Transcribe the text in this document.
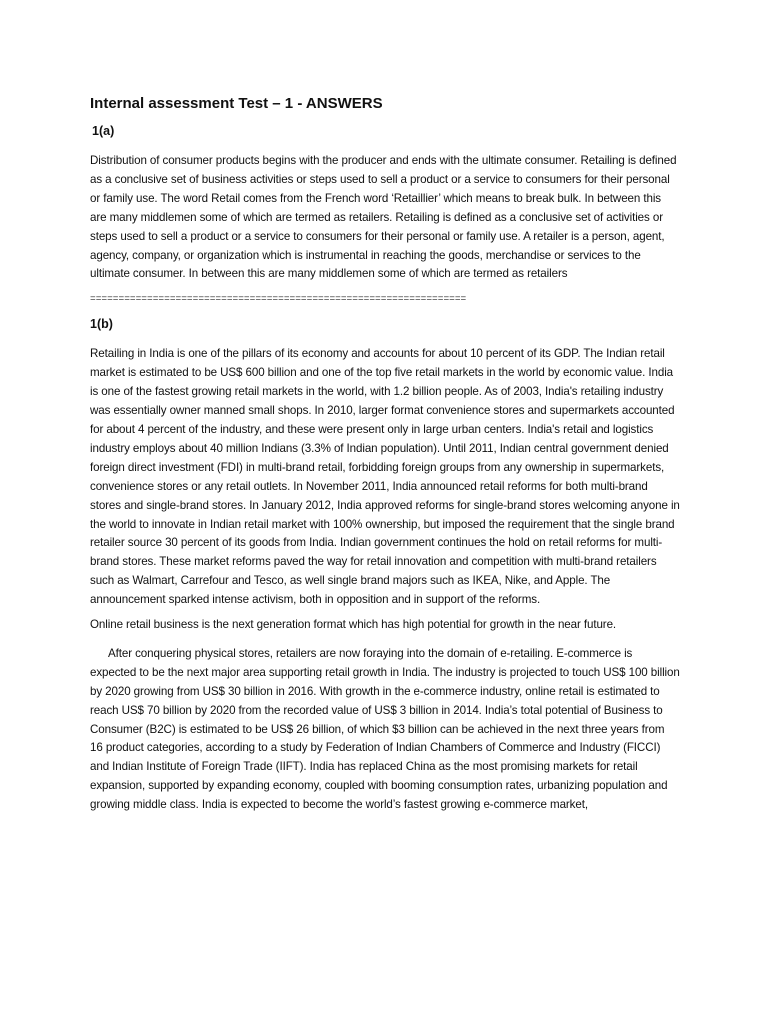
Internal assessment Test – 1 - ANSWERS
1(a)

Distribution of consumer products begins with the producer and ends with the ultimate consumer. Retailing is defined as a conclusive set of business activities or steps used to sell a product or a service to consumers for their personal or family use. The word Retail comes from the French word ‘Retaillier’ which means to break bulk. In between this are many middlemen some of which are termed as retailers. Retailing is defined as a conclusive set of activities or steps used to sell a product or a service to consumers for their personal or family use. A retailer is a person, agent, agency, company, or organization which is instrumental in reaching the goods, merchandise or services to the ultimate consumer. In between this are many middlemen some of which are termed as retailers

==================================================================
1(b)

Retailing in India is one of the pillars of its economy and accounts for about 10 percent of its GDP. The Indian retail market is estimated to be US$ 600 billion and one of the top five retail markets in the world by economic value. India is one of the fastest growing retail markets in the world, with 1.2 billion people. As of 2003, India's retailing industry was essentially owner manned small shops. In 2010, larger format convenience stores and supermarkets accounted for about 4 percent of the industry, and these were present only in large urban centers. India's retail and logistics industry employs about 40 million Indians (3.3% of Indian population). Until 2011, Indian central government denied foreign direct investment (FDI) in multi-brand retail, forbidding foreign groups from any ownership in supermarkets, convenience stores or any retail outlets. In November 2011, India announced retail reforms for both multi-brand stores and single-brand stores. In January 2012, India approved reforms for single-brand stores welcoming anyone in the world to innovate in Indian retail market with 100% ownership, but imposed the requirement that the single brand retailer source 30 percent of its goods from India. Indian government continues the hold on retail reforms for multi-brand stores. These market reforms paved the way for retail innovation and competition with multi-brand retailers such as Walmart, Carrefour and Tesco, as well single brand majors such as IKEA, Nike, and Apple. The announcement sparked intense activism, both in opposition and in support of the reforms.

Online retail business is the next generation format which has high potential for growth in the near future.

After conquering physical stores, retailers are now foraying into the domain of e-retailing. E-commerce is expected to be the next major area supporting retail growth in India. The industry is projected to touch US$ 100 billion by 2020 growing from US$ 30 billion in 2016. With growth in the e-commerce industry, online retail is estimated to reach US$ 70 billion by 2020 from the recorded value of US$ 3 billion in 2014. India’s total potential of Business to Consumer (B2C) is estimated to be US$ 26 billion, of which $3 billion can be achieved in the next three years from 16 product categories, according to a study by Federation of Indian Chambers of Commerce and Industry (FICCI) and Indian Institute of Foreign Trade (IIFT). India has replaced China as the most promising markets for retail expansion, supported by expanding economy, coupled with booming consumption rates, urbanizing population and growing middle class. India is expected to become the world’s fastest growing e-commerce market,
